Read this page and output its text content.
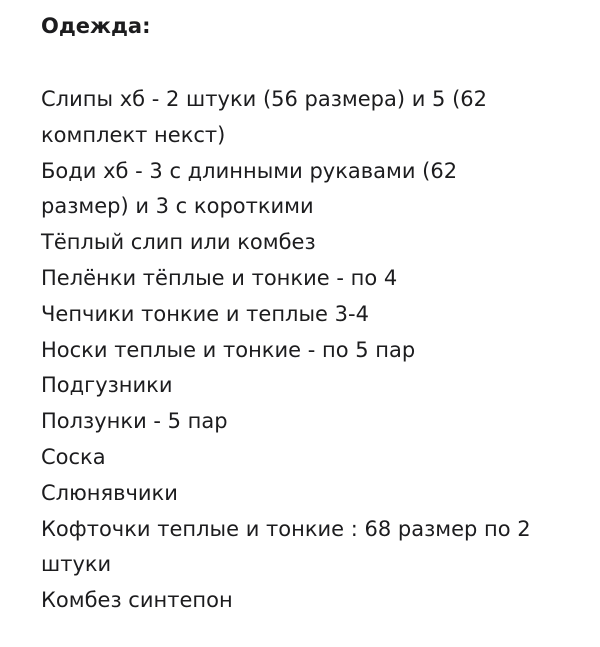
Одежда:

Слипы хб - 2 штуки (56 размера) и 5 (62

комплект некст)

Боди хб - 3 с длинными рукавами (62

размер) и 3 с короткими

Тёплый слип или комбез

Пелёнки тёплые и тонкие - по 4

Чепчики тонкие и теплые 3-4

Носки теплые и тонкие - по 5 пар

Подгузники

Ползунки - 5 пар

Соска

Слюнявчики

Кофточки теплые и тонкие : 68 размер по 2

штуки

Комбез синтепон
